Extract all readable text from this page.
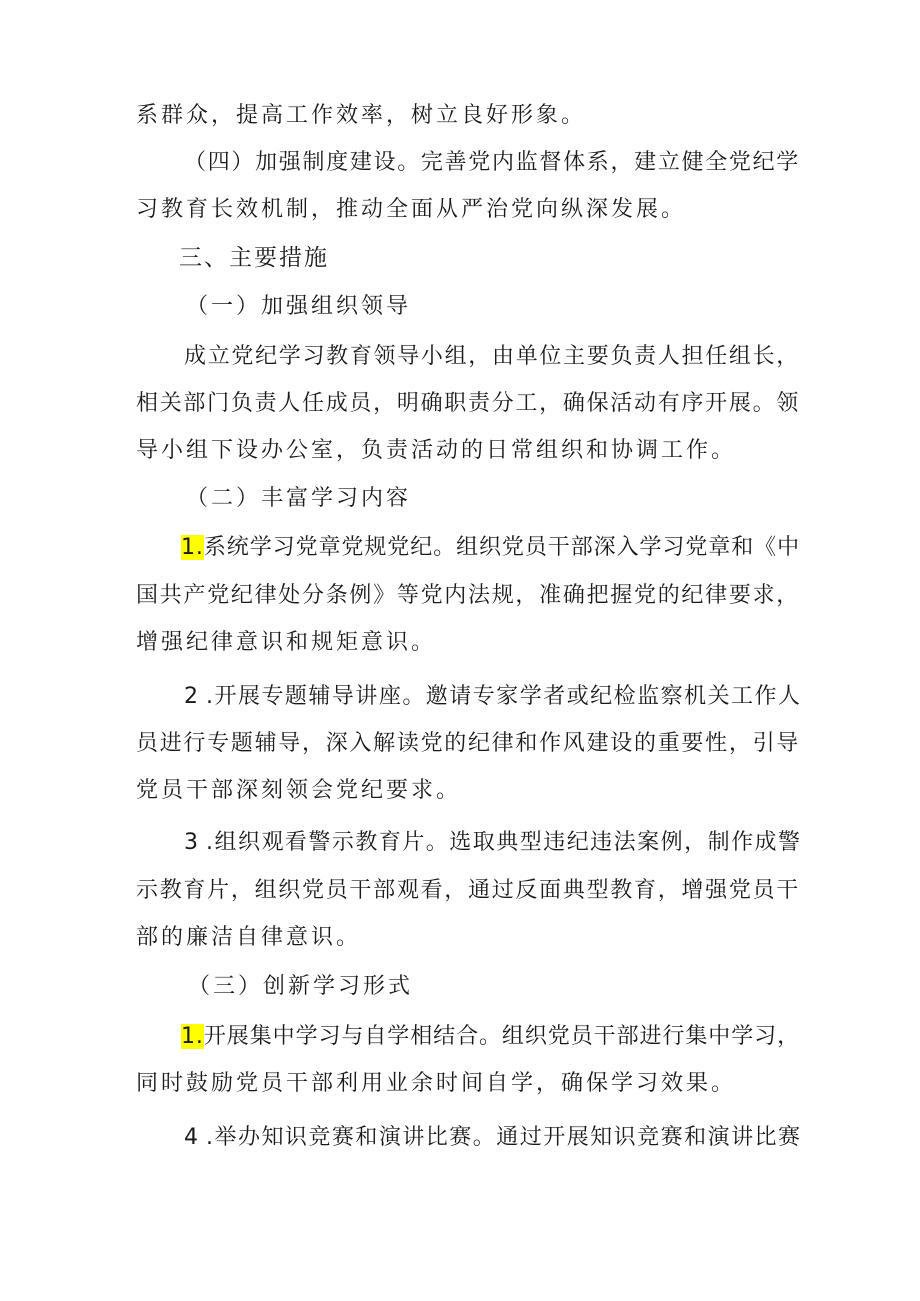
系群众，提高工作效率，树立良好形象。
（四）加强制度建设。完善党内监督体系，建立健全党纪学
习教育长效机制，推动全面从严治党向纵深发展。
三、主要措施
（一）加强组织领导
成立党纪学习教育领导小组，由单位主要负责人担任组长，
相关部门负责人任成员，明确职责分工，确保活动有序开展。领
导小组下设办公室，负责活动的日常组织和协调工作。
（二）丰富学习内容
1.系统学习党章党规党纪。组织党员干部深入学习党章和《中
国共产党纪律处分条例》等党内法规，准确把握党的纪律要求，
增强纪律意识和规矩意识。
2.开展专题辅导讲座。邀请专家学者或纪检监察机关工作人
员进行专题辅导，深入解读党的纪律和作风建设的重要性，引导
党员干部深刻领会党纪要求。
3.组织观看警示教育片。选取典型违纪违法案例，制作成警
示教育片，组织党员干部观看，通过反面典型教育，增强党员干
部的廉洁自律意识。
（三）创新学习形式
1.开展集中学习与自学相结合。组织党员干部进行集中学习，
同时鼓励党员干部利用业余时间自学，确保学习效果。
4.举办知识竞赛和演讲比赛。通过开展知识竞赛和演讲比赛
